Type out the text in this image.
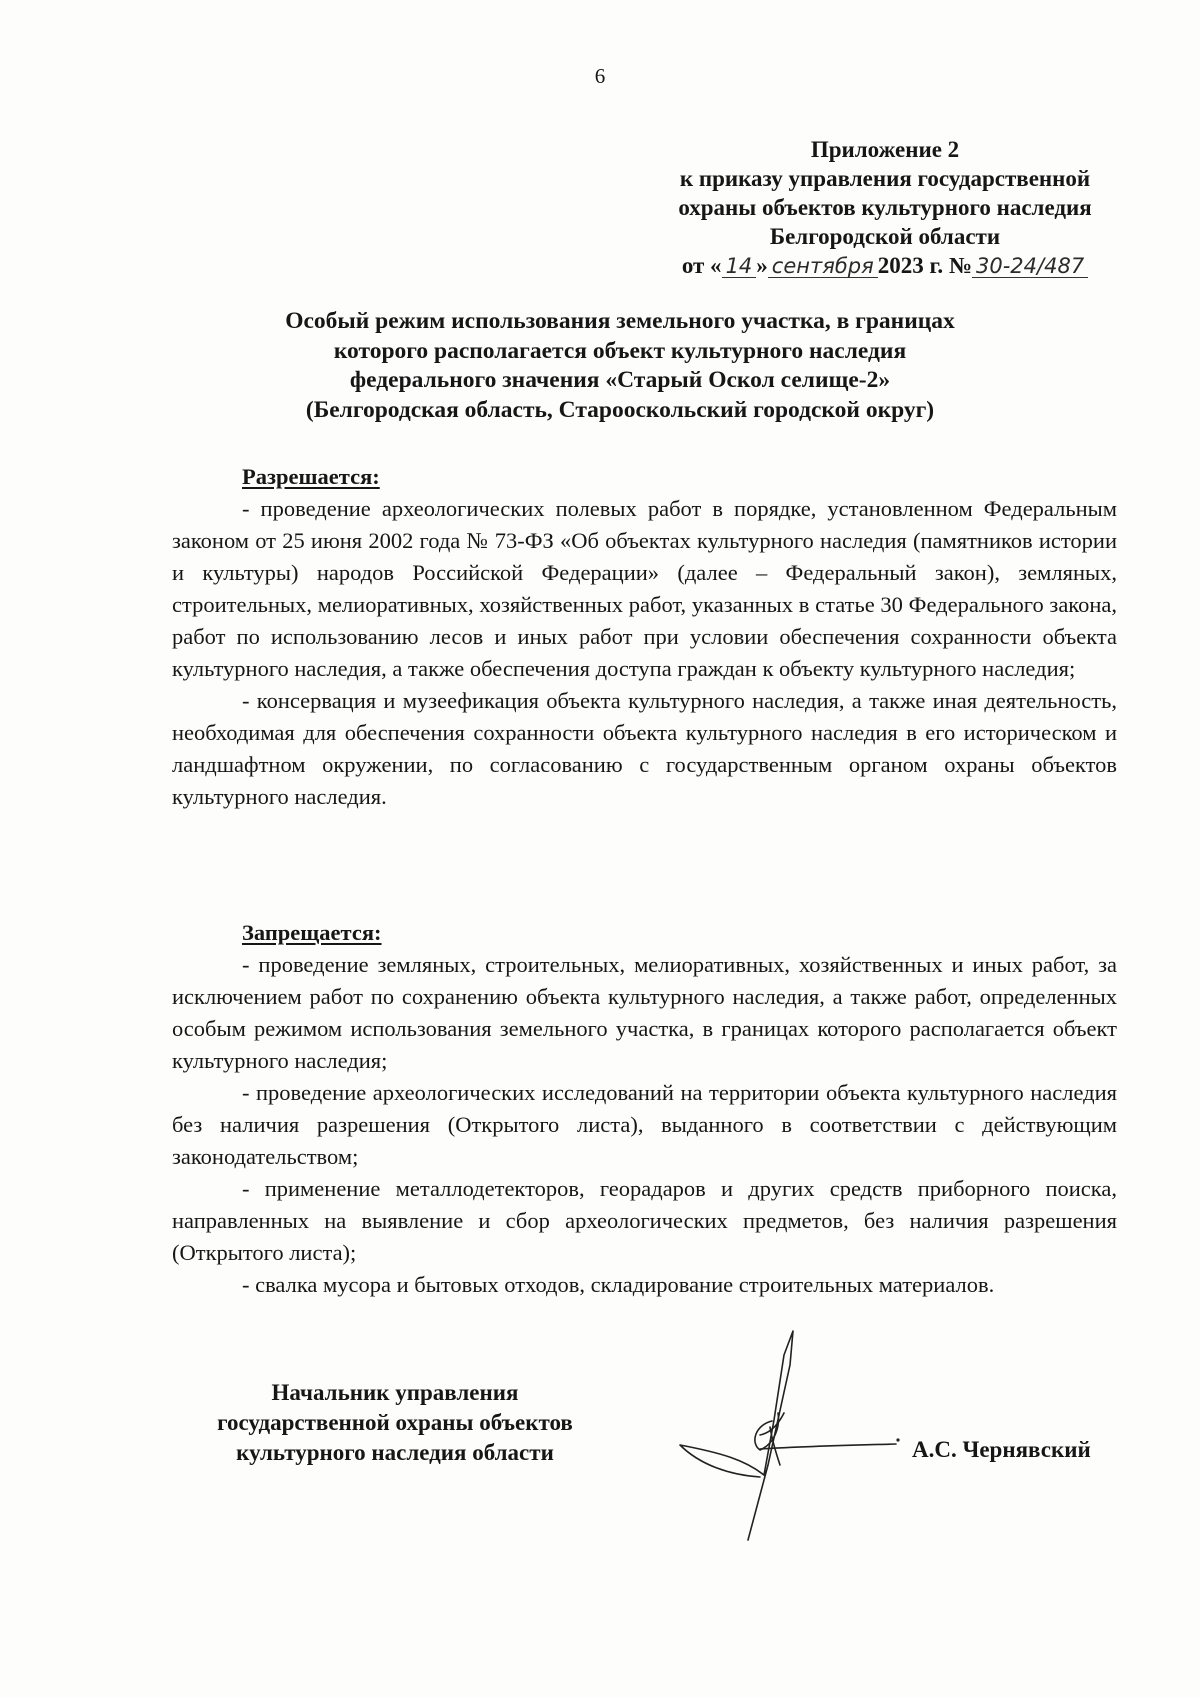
6
Приложение 2
к приказу управления государственной
охраны объектов культурного наследия
Белгородской области
от « 14 » сентября 2023 г. № 30-24/487
Особый режим использования земельного участка, в границах
которого располагается объект культурного наследия
федерального значения «Старый Оскол селище-2»
(Белгородская область, Старооскольский городской округ)
Разрешается:

- проведение археологических полевых работ в порядке, установленном Федеральным законом от 25 июня 2002 года № 73-ФЗ «Об объектах культурного наследия (памятников истории и культуры) народов Российской Федерации» (далее – Федеральный закон), земляных, строительных, мелиоративных, хозяйственных работ, указанных в статье 30 Федерального закона, работ по использованию лесов и иных работ при условии обеспечения сохранности объекта культурного наследия, а также обеспечения доступа граждан к объекту культурного наследия;

- консервация и музеефикация объекта культурного наследия, а также иная деятельность, необходимая для обеспечения сохранности объекта культурного наследия в его историческом и ландшафтном окружении, по согласованию с государственным органом охраны объектов культурного наследия.

Запрещается:

- проведение земляных, строительных, мелиоративных, хозяйственных и иных работ, за исключением работ по сохранению объекта культурного наследия, а также работ, определенных особым режимом использования земельного участка, в границах которого располагается объект культурного наследия;

- проведение археологических исследований на территории объекта культурного наследия без наличия разрешения (Открытого листа), выданного в соответствии с действующим законодательством;

- применение металлодетекторов, георадаров и других средств приборного поиска, направленных на выявление и сбор археологических предметов, без наличия разрешения (Открытого листа);

- свалка мусора и бытовых отходов, складирование строительных материалов.

Начальник управления
государственной охраны объектов
культурного наследия области	А.С. Чернявский
